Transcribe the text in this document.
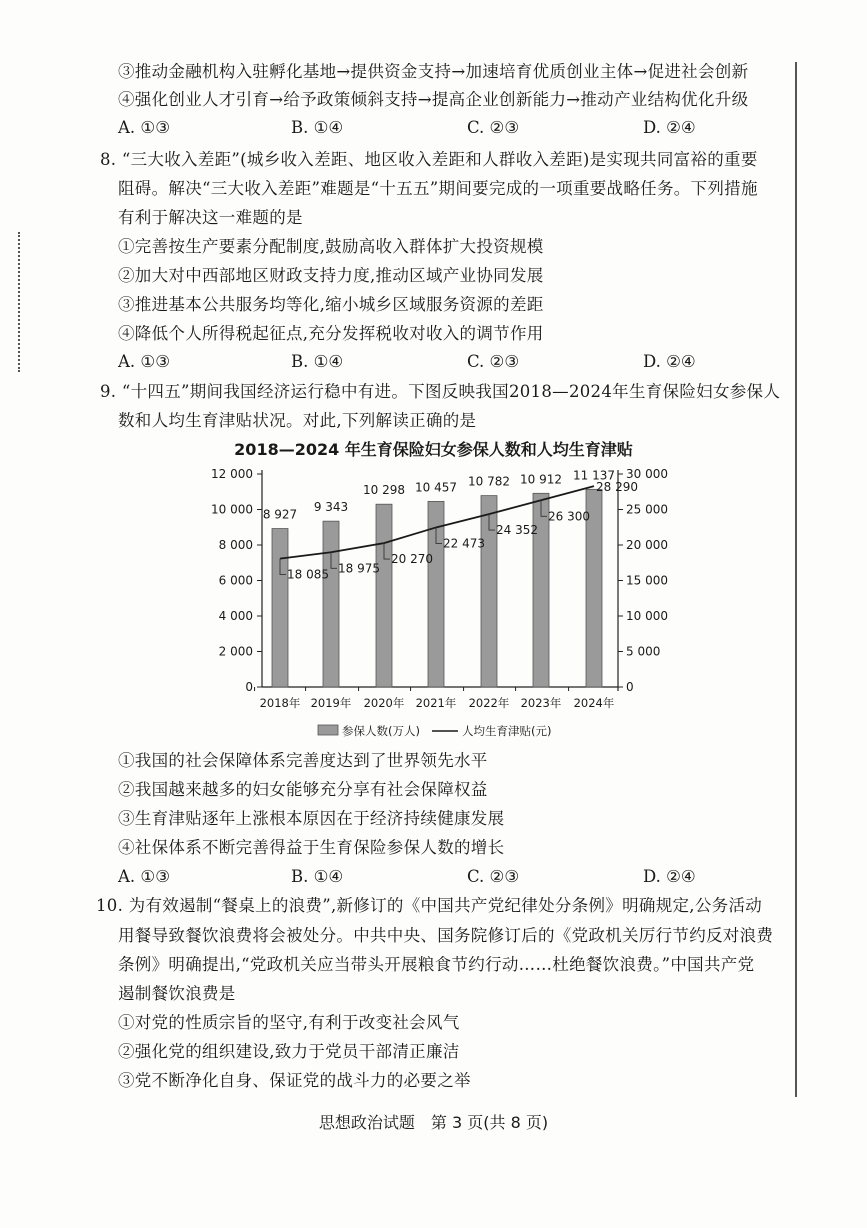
③推动金融机构入驻孵化基地→提供资金支持→加速培育优质创业主体→促进社会创新
④强化创业人才引育→给予政策倾斜支持→提高企业创新能力→推动产业结构优化升级
A. ①③	B. ①④	C. ②③	D. ②④
8. “三大收入差距”(城乡收入差距、地区收入差距和人群收入差距)是实现共同富裕的重要
阻碍。解决“三大收入差距”难题是“十五五”期间要完成的一项重要战略任务。下列措施
有利于解决这一难题的是
①完善按生产要素分配制度,鼓励高收入群体扩大投资规模
②加大对中西部地区财政支持力度,推动区域产业协同发展
③推进基本公共服务均等化,缩小城乡区域服务资源的差距
④降低个人所得税起征点,充分发挥税收对收入的调节作用
A. ①③	B. ①④	C. ②③	D. ②④
9. “十四五”期间我国经济运行稳中有进。下图反映我国2018—2024年生育保险妇女参保人
数和人均生育津贴状况。对此,下列解读正确的是
2018—2024 年生育保险妇女参保人数和人均生育津贴
0
2 000
4 000
6 000
8 000
10 000
12 000
0
5 000
10 000
15 000
20 000
25 000
30 000
8 927
9 343
10 298 10 457 10 782 10 912 11 137
2018年 2019年 2020年 2021年 2022年 2023年 2024年
18 085 18 975
20 270
22 473
24 352
26 300
28 290
参保人数(万人)	人均生育津贴(元)
①我国的社会保障体系完善度达到了世界领先水平
②我国越来越多的妇女能够充分享有社会保障权益
③生育津贴逐年上涨根本原因在于经济持续健康发展
④社保体系不断完善得益于生育保险参保人数的增长
A. ①③	B. ①④	C. ②③	D. ②④
10. 为有效遏制“餐桌上的浪费”,新修订的《中国共产党纪律处分条例》明确规定,公务活动
用餐导致餐饮浪费将会被处分。中共中央、国务院修订后的《党政机关厉行节约反对浪费
条例》明确提出,“党政机关应当带头开展粮食节约行动……杜绝餐饮浪费。”中国共产党
遏制餐饮浪费是
①对党的性质宗旨的坚守,有利于改变社会风气
②强化党的组织建设,致力于党员干部清正廉洁
③党不断净化自身、保证党的战斗力的必要之举
思想政治试题　第 3 页(共 8 页)
